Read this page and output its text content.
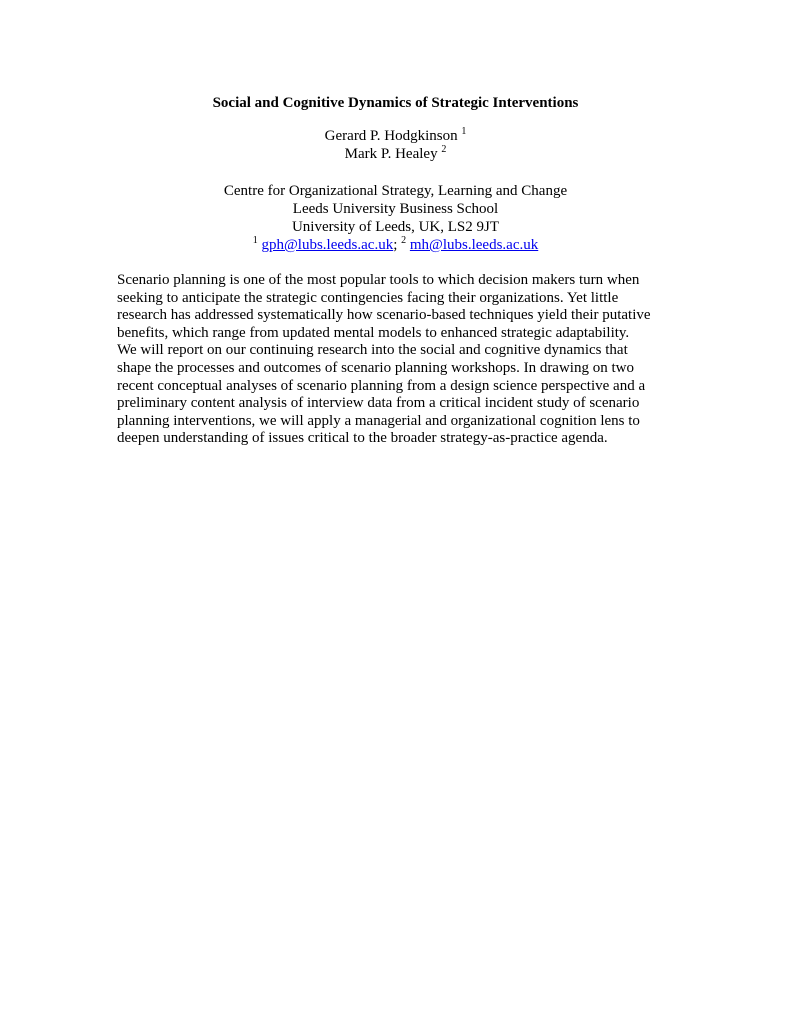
Social and Cognitive Dynamics of Strategic Interventions
Gerard P. Hodgkinson $^1$
Mark P. Healey $^2$
Centre for Organizational Strategy, Learning and Change
Leeds University Business School
University of Leeds, UK, LS2 9JT
$^1$ gph@lubs.leeds.ac.uk; $^2$ mh@lubs.leeds.ac.uk

Scenario planning is one of the most popular tools to which decision makers turn when
seeking to anticipate the strategic contingencies facing their organizations. Yet little
research has addressed systematically how scenario-based techniques yield their putative
benefits, which range from updated mental models to enhanced strategic adaptability.
We will report on our continuing research into the social and cognitive dynamics that
shape the processes and outcomes of scenario planning workshops. In drawing on two
recent conceptual analyses of scenario planning from a design science perspective and a
preliminary content analysis of interview data from a critical incident study of scenario
planning interventions, we will apply a managerial and organizational cognition lens to
deepen understanding of issues critical to the broader strategy-as-practice agenda.
